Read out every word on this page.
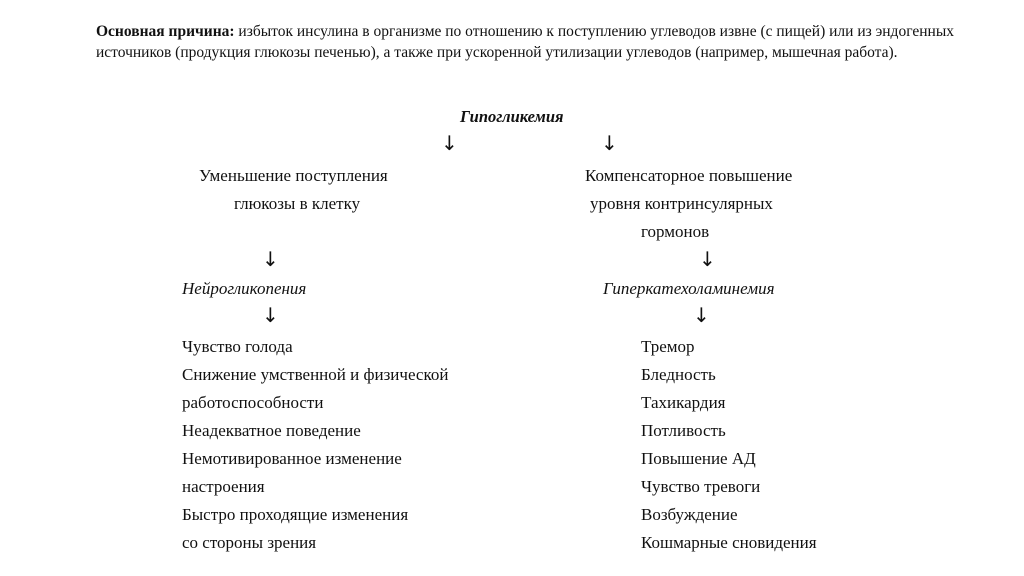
Основная причина: избыток инсулина в организме по отношению к поступлению углеводов извне (с пищей) или из эндогенных источников (продукция глюкозы печенью), а также при ускоренной утилизации углеводов (например, мышечная работа).
Гипогликемия
↓	↓
Уменьшение поступления
глюкозы в клетку
Компенсаторное повышение
уровня контринсулярных
гормонов
↓	↓
Нейрогликопения	Гиперкатехоламинемия
↓	↓
Чувство голода
Снижение умственной и физической
работоспособности
Неадекватное поведение
Немотивированное изменение
настроения
Быстро проходящие изменения
со стороны зрения
Тремор
Бледность
Тахикардия
Потливость
Повышение АД
Чувство тревоги
Возбуждение
Кошмарные сновидения
